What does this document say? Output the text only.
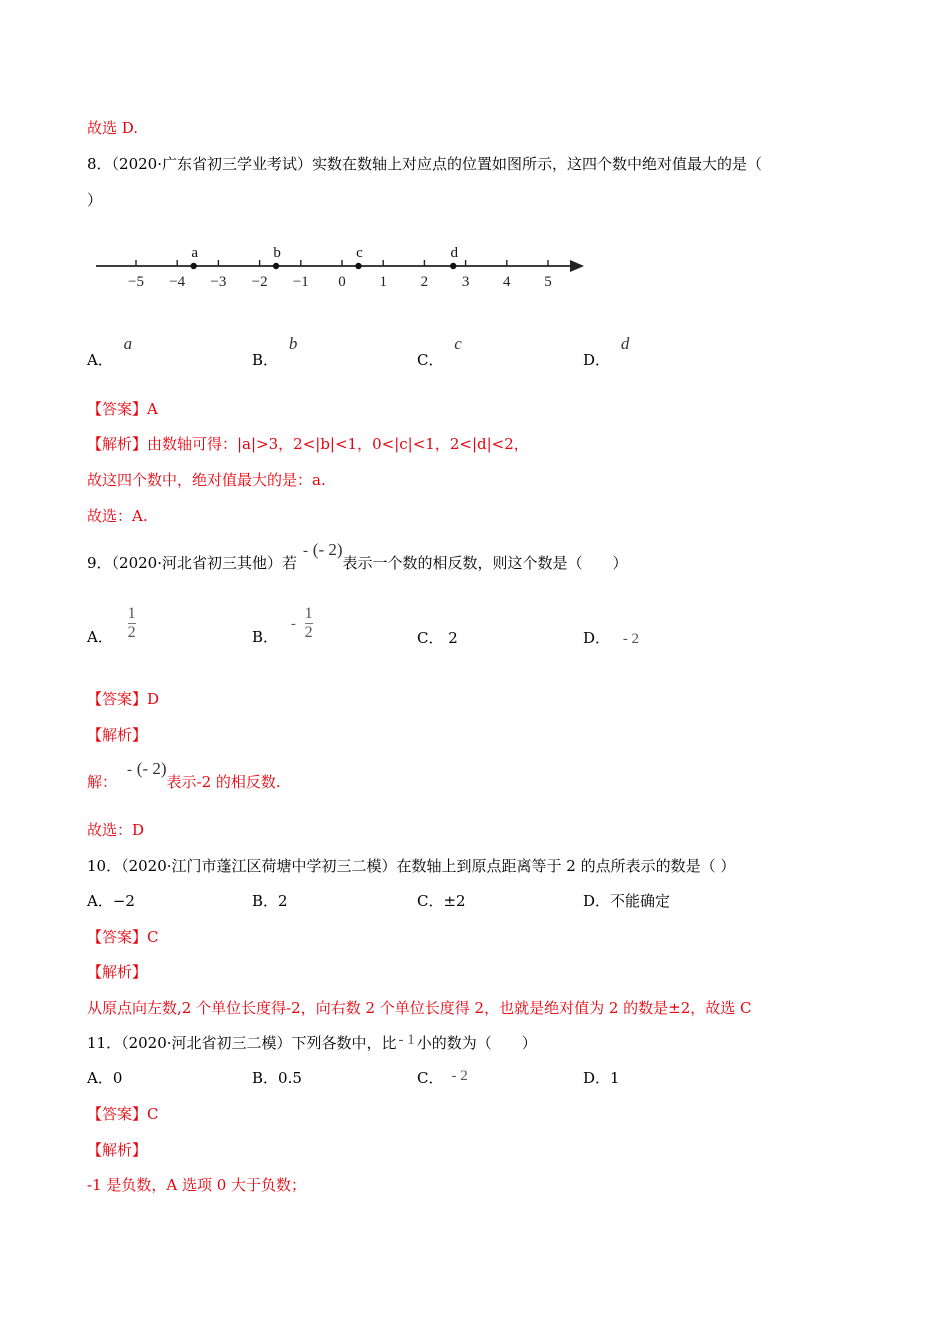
故选 D.
8．（2020·广东省初三学业考试）实数在数轴上对应点的位置如图所示，这四个数中绝对值最大的是（
）
−5 −4 −3 −2 −1 0 1 2 3 4 5
a	b	c	d
A． a
B． b
C． c
D． d
【答案】A
【解析】由数轴可得：|a|>3，2<|b|<1，0<|c|<1，2<|d|<2，
故这四个数中，绝对值最大的是：a.
故选：A.
9．（2020·河北省初三其他）若- (- 2)表示一个数的相反数，则这个数是（　　）
A． $\frac{1}{2}$	B． - $\frac{1}{2}$	C． 2	D． - 2
【答案】D
【解析】
解：- (- 2)表示-2 的相反数.
故选：D
10．（2020·江门市蓬江区荷塘中学初三二模）在数轴上到原点距离等于 2 的点所表示的数是（ ）
A．−2	B．2	C．±2	D．不能确定
【答案】C
【解析】
从原点向左数,2 个单位长度得-2，向右数 2 个单位长度得 2，也就是绝对值为 2 的数是±2，故选 C
11．（2020·河北省初三二模）下列各数中，比 - 1 小的数为（　　）
A．0	B．0.5	C． - 2	D．1
【答案】C
【解析】
-1 是负数，A 选项 0 大于负数；
